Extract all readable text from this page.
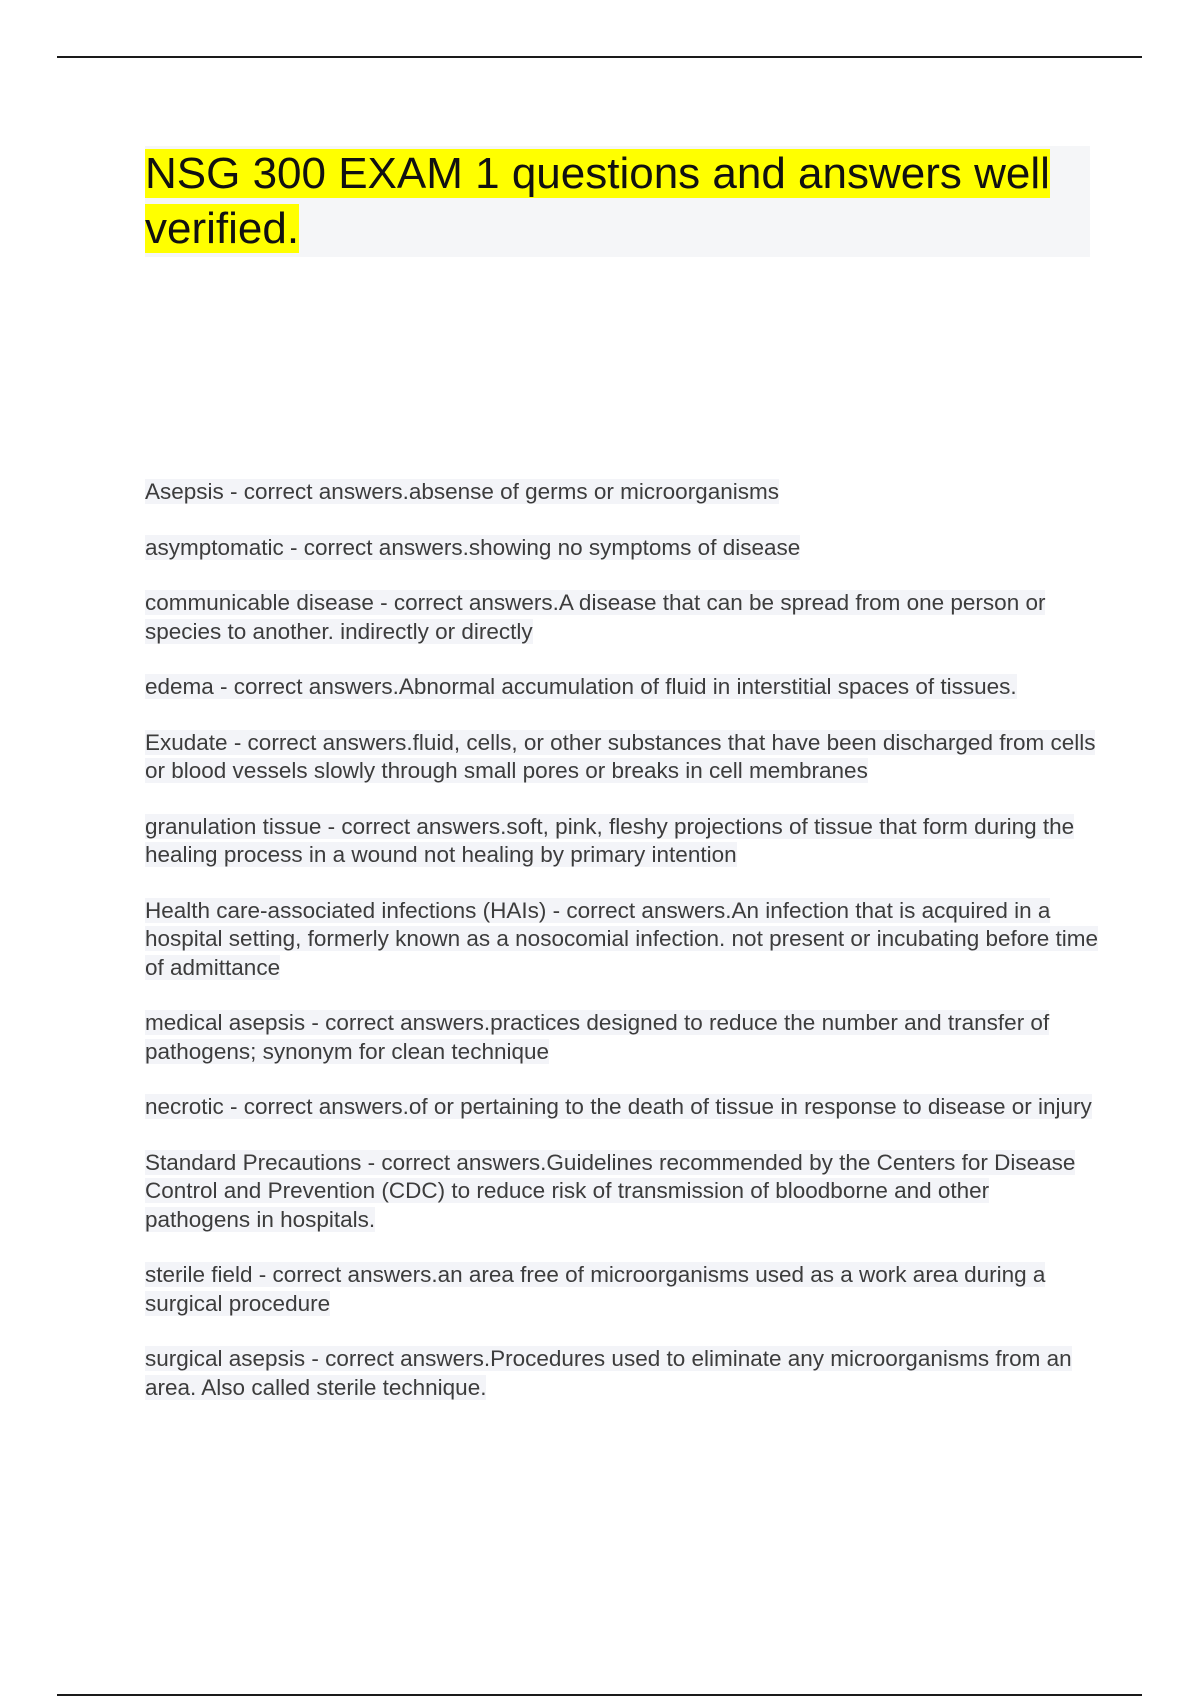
NSG 300 EXAM 1 questions and answers well verified.

Asepsis - correct answers.absense of germs or microorganisms

asymptomatic - correct answers.showing no symptoms of disease

communicable disease - correct answers.A disease that can be spread from one person or species to another. indirectly or directly

edema - correct answers.Abnormal accumulation of fluid in interstitial spaces of tissues.

Exudate - correct answers.fluid, cells, or other substances that have been discharged from cells or blood vessels slowly through small pores or breaks in cell membranes

granulation tissue - correct answers.soft, pink, fleshy projections of tissue that form during the healing process in a wound not healing by primary intention

Health care-associated infections (HAIs) - correct answers.An infection that is acquired in a hospital setting, formerly known as a nosocomial infection. not present or incubating before time of admittance

medical asepsis - correct answers.practices designed to reduce the number and transfer of pathogens; synonym for clean technique

necrotic - correct answers.of or pertaining to the death of tissue in response to disease or injury

Standard Precautions - correct answers.Guidelines recommended by the Centers for Disease Control and Prevention (CDC) to reduce risk of transmission of bloodborne and other pathogens in hospitals.

sterile field - correct answers.an area free of microorganisms used as a work area during a surgical procedure

surgical asepsis - correct answers.Procedures used to eliminate any microorganisms from an area. Also called sterile technique.
